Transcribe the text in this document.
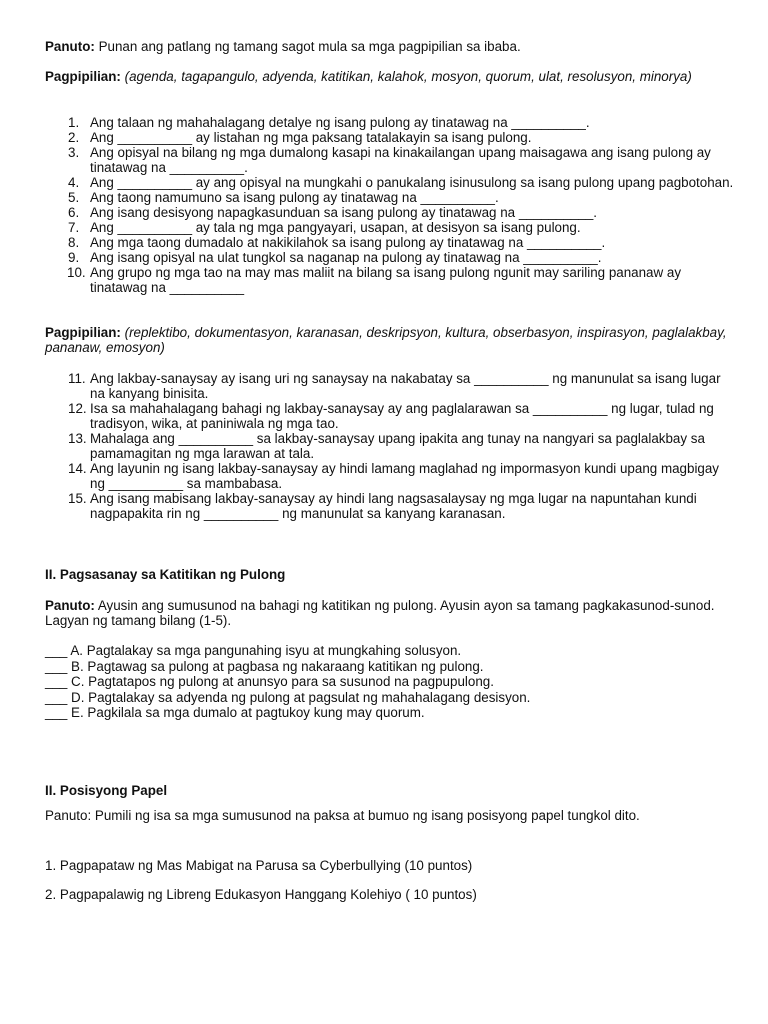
Panuto: Punan ang patlang ng tamang sagot mula sa mga pagpipilian sa ibaba.
Pagpipilian: (agenda, tagapangulo, adyenda, katitikan, kalahok, mosyon, quorum, ulat, resolusyon, minorya)
1. Ang talaan ng mahahalagang detalye ng isang pulong ay tinatawag na __________.
2. Ang __________ ay listahan ng mga paksang tatalakayin sa isang pulong.
3. Ang opisyal na bilang ng mga dumalong kasapi na kinakailangan upang maisagawa ang isang pulong ay tinatawag na __________.
4. Ang __________ ay ang opisyal na mungkahi o panukalang isinusulong sa isang pulong upang pagbotohan.
5. Ang taong namumuno sa isang pulong ay tinatawag na __________.
6. Ang isang desisyong napagkasunduan sa isang pulong ay tinatawag na __________.
7. Ang __________ ay tala ng mga pangyayari, usapan, at desisyon sa isang pulong.
8. Ang mga taong dumadalo at nakikilahok sa isang pulong ay tinatawag na __________.
9. Ang isang opisyal na ulat tungkol sa naganap na pulong ay tinatawag na __________.
10. Ang grupo ng mga tao na may mas maliit na bilang sa isang pulong ngunit may sariling pananaw ay tinatawag na __________
Pagpipilian: (replektibo, dokumentasyon, karanasan, deskripsyon, kultura, obserbasyon, inspirasyon, paglalakbay, pananaw, emosyon)
11. Ang lakbay-sanaysay ay isang uri ng sanaysay na nakabatay sa __________ ng manunulat sa isang lugar na kanyang binisita.
12. Isa sa mahahalagang bahagi ng lakbay-sanaysay ay ang paglalarawan sa __________ ng lugar, tulad ng tradisyon, wika, at paniniwala ng mga tao.
13. Mahalaga ang __________ sa lakbay-sanaysay upang ipakita ang tunay na nangyari sa paglalakbay sa pamamagitan ng mga larawan at tala.
14. Ang layunin ng isang lakbay-sanaysay ay hindi lamang maglahad ng impormasyon kundi upang magbigay ng __________ sa mambabasa.
15. Ang isang mabisang lakbay-sanaysay ay hindi lang nagsasalaysay ng mga lugar na napuntahan kundi nagpapakita rin ng __________ ng manunulat sa kanyang karanasan.
II. Pagsasanay sa Katitikan ng Pulong
Panuto: Ayusin ang sumusunod na bahagi ng katitikan ng pulong. Ayusin ayon sa tamang pagkakasunod-sunod. Lagyan ng tamang bilang (1-5).
___ A. Pagtalakay sa mga pangunahing isyu at mungkahing solusyon.
___ B. Pagtawag sa pulong at pagbasa ng nakaraang katitikan ng pulong.
___ C. Pagtatapos ng pulong at anunsyo para sa susunod na pagpupulong.
___ D. Pagtalakay sa adyenda ng pulong at pagsulat ng mahahalagang desisyon.
___ E. Pagkilala sa mga dumalo at pagtukoy kung may quorum.
II. Posisyong Papel
Panuto: Pumili ng isa sa mga sumusunod na paksa at bumuo ng isang posisyong papel tungkol dito.
1. Pagpapataw ng Mas Mabigat na Parusa sa Cyberbullying (10 puntos)
2. Pagpapalawig ng Libreng Edukasyon Hanggang Kolehiyo ( 10 puntos)
